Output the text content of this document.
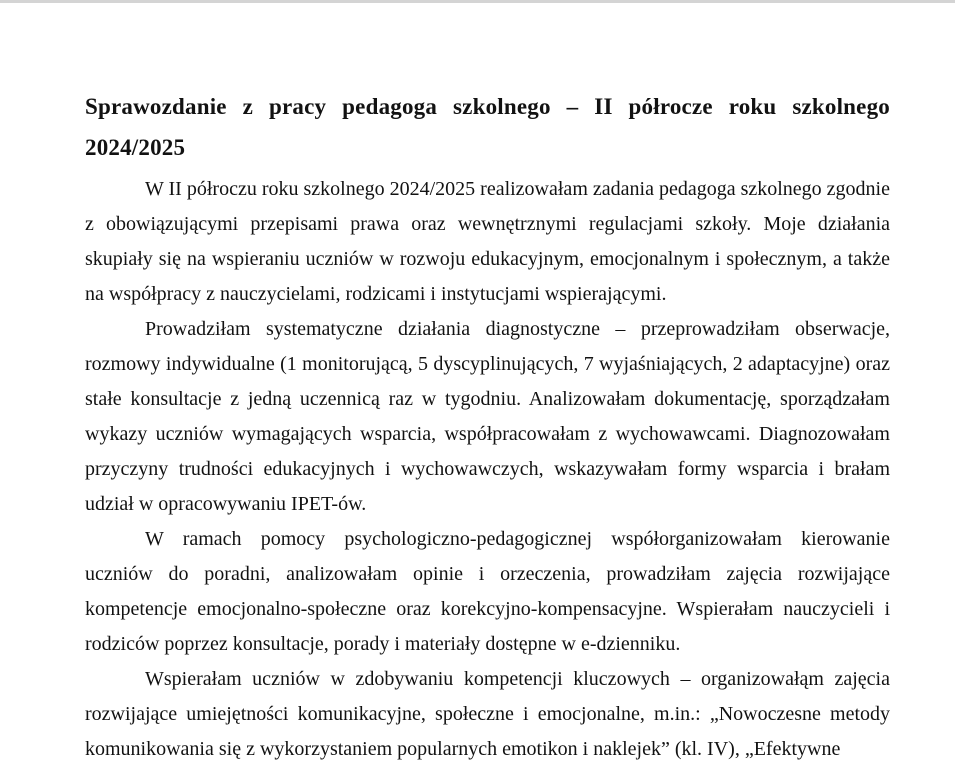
Sprawozdanie z pracy pedagoga szkolnego – II półrocze roku szkolnego 2024/2025

W II półroczu roku szkolnego 2024/2025 realizowałam zadania pedagoga szkolnego zgodnie z obowiązującymi przepisami prawa oraz wewnętrznymi regulacjami szkoły. Moje działania skupiały się na wspieraniu uczniów w rozwoju edukacyjnym, emocjonalnym i społecznym, a także na współpracy z nauczycielami, rodzicami i instytucjami wspierającymi.

Prowadziłam systematyczne działania diagnostyczne – przeprowadziłam obserwacje, rozmowy indywidualne (1 monitorującą, 5 dyscyplinujących, 7 wyjaśniających, 2 adaptacyjne) oraz stałe konsultacje z jedną uczennicą raz w tygodniu. Analizowałam dokumentację, sporządzałam wykazy uczniów wymagających wsparcia, współpracowałam z wychowawcami. Diagnozowałam przyczyny trudności edukacyjnych i wychowawczych, wskazywałam formy wsparcia i brałam udział w opracowywaniu IPET-ów.

W ramach pomocy psychologiczno-pedagogicznej współorganizowałam kierowanie uczniów do poradni, analizowałam opinie i orzeczenia, prowadziłam zajęcia rozwijające kompetencje emocjonalno-społeczne oraz korekcyjno-kompensacyjne. Wspierałam nauczycieli i rodziców poprzez konsultacje, porady i materiały dostępne w e-dzienniku.

Wspierałam uczniów w zdobywaniu kompetencji kluczowych – organizowałąm zajęcia rozwijające umiejętności komunikacyjne, społeczne i emocjonalne, m.in.: „Nowoczesne metody komunikowania się z wykorzystaniem popularnych emotikon i naklejek” (kl. IV), „Efektywne
